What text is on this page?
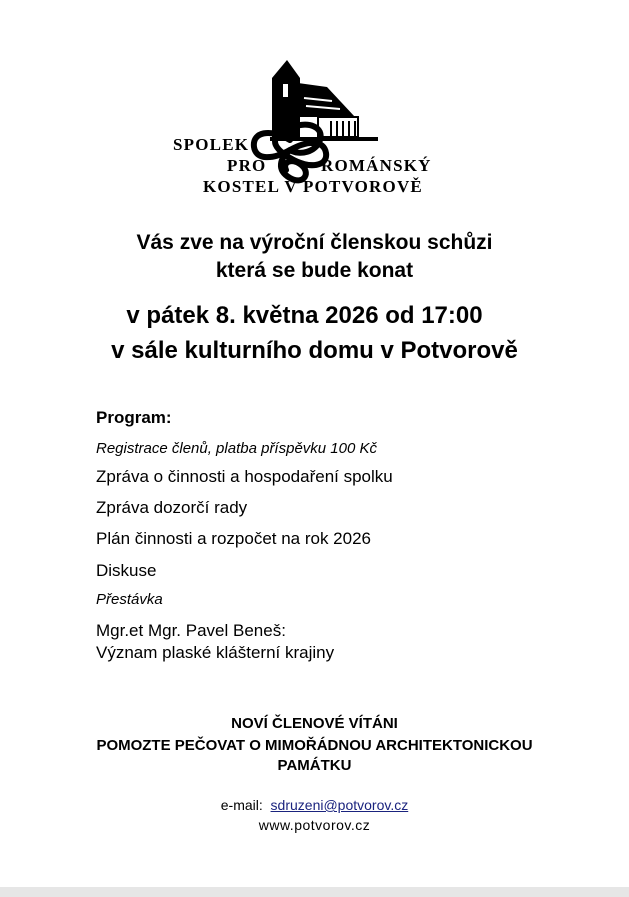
SPOLEK
PRO	ROMÁNSKÝ
KOSTEL V POTVOROVĚ
Vás zve na výroční členskou schůzi
která se bude konat
v pátek 8. května 2026 od 17:00
v sále kulturního domu v Potvorově
Program:
Registrace členů, platba příspěvku 100 Kč
Zpráva o činnosti a hospodaření spolku
Zpráva dozorčí rady
Plán činnosti a rozpočet na rok 2026
Diskuse
Přestávka
Mgr.et Mgr. Pavel Beneš:
Význam plaské klášterní krajiny
NOVÍ ČLENOVÉ VÍTÁNI
POMOZTE PEČOVAT O MIMOŘÁDNOU ARCHITEKTONICKOU
PAMÁTKU
e-mail: sdruzeni@potvorov.cz
www.potvorov.cz
